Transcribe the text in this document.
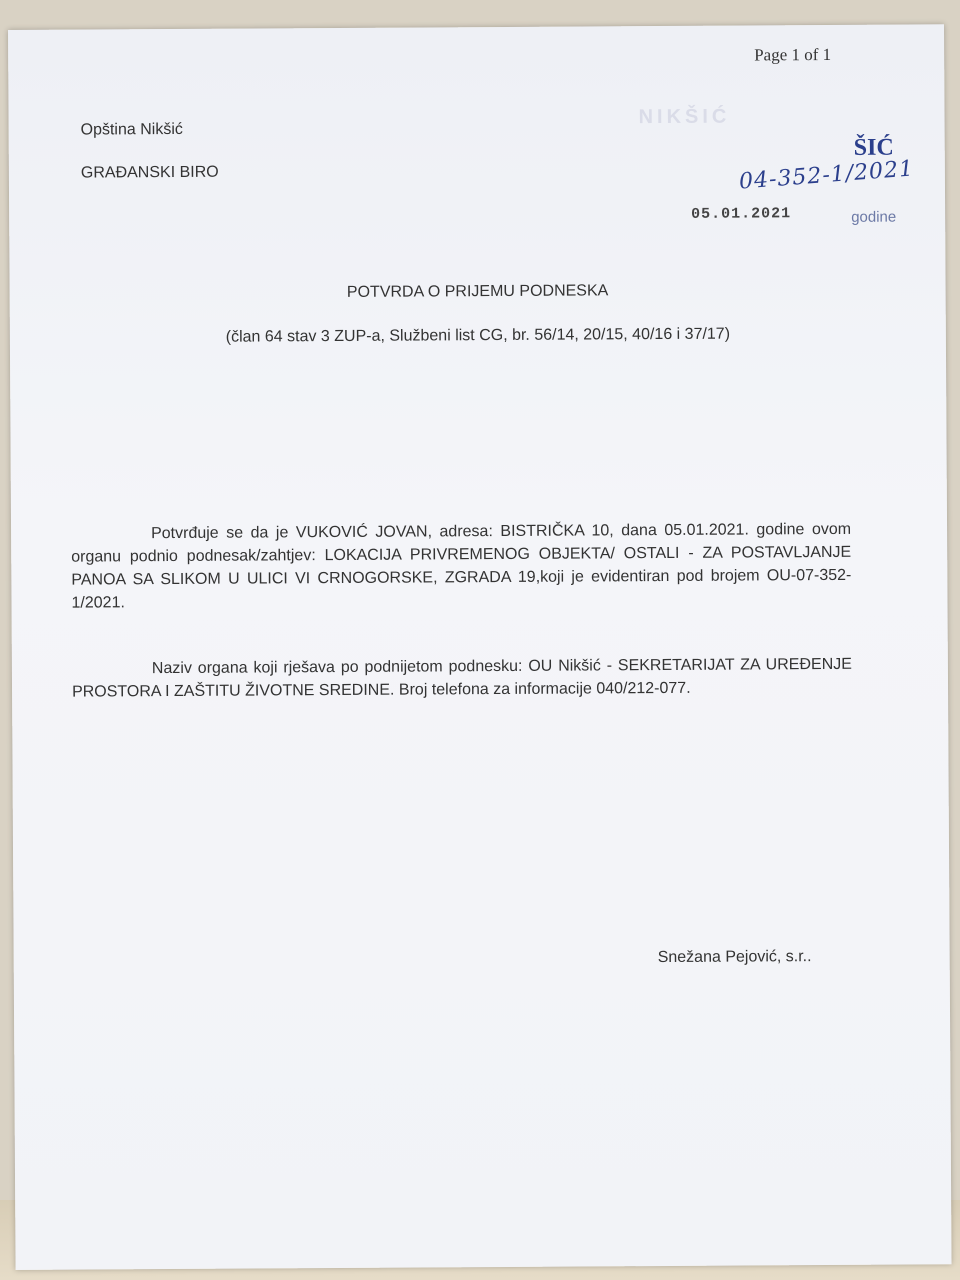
Page 1 of 1
Opština Nikšić
GRAĐANSKI BIRO
NIKŠIĆ
ŠIĆ
04-352-1/2021
05.01.2021	godine
POTVRDA O PRIJEMU PODNESKA
(član 64 stav 3 ZUP-a, Službeni list CG, br. 56/14, 20/15, 40/16 i 37/17)
Potvrđuje se da je VUKOVIĆ JOVAN, adresa: BISTRIČKA 10, dana 05.01.2021. godine ovom organu podnio podnesak/zahtjev: LOKACIJA PRIVREMENOG OBJEKTA/ OSTALI - ZA POSTAVLJANJE PANOA SA SLIKOM U ULICI VI CRNOGORSKE, ZGRADA 19,koji je evidentiran pod brojem OU-07-352-1/2021.
Naziv organa koji rješava po podnijetom podnesku: OU Nikšić - SEKRETARIJAT ZA UREĐENJE PROSTORA I ZAŠTITU ŽIVOTNE SREDINE. Broj telefona za informacije 040/212-077.
Snežana Pejović, s.r..
